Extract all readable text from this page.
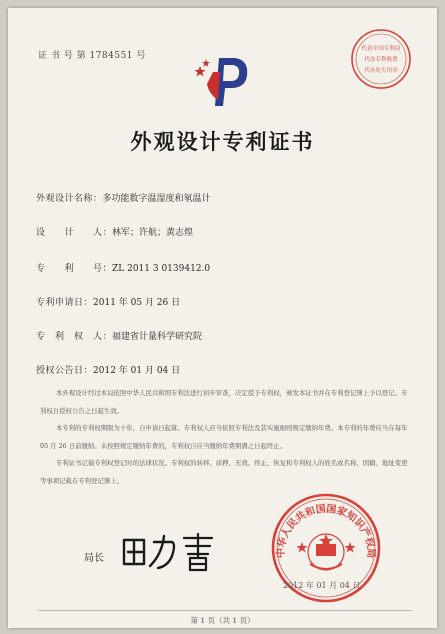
证 书 号 第 1784551 号
代表中国专利局
代办专利收费
代办处专用章
外观设计专利证书
外观设计名称：多功能数字温湿度和氡温计
设　　计　　人：林军；许航；黄志煌
专　　利　　号：ZL 2011 3 0139412.0
专利申请日：2011 年 05 月 26 日
专　利　权　人：福建省计量科学研究院
授权公告日：2012 年 01 月 04 日

本外观设计经过本局依照中华人民共和国专利法进行初步审查，决定授予专利权，颁发本证书并在专利登记簿上予以登记。专利权自授权公告之日起生效。

本专利的专利权期限为十年，自申请日起算。专利权人应当依照专利法及其实施细则规定缴纳年费。本专利的年费应当在每年 05 月 26 日前缴纳。未按照规定缴纳年费的，专利权自应当缴纳年费期满之日起终止。

专利证书记载专利权登记时的法律状况。专利权的转移、质押、无效、终止、恢复和专利权人的姓名或名称、国籍、地址变更等事项记载在专利登记簿上。

中华人民共和国国家知识产权局
局长
2012 年 01 月 04 日
第 1 页（共 1 页）
